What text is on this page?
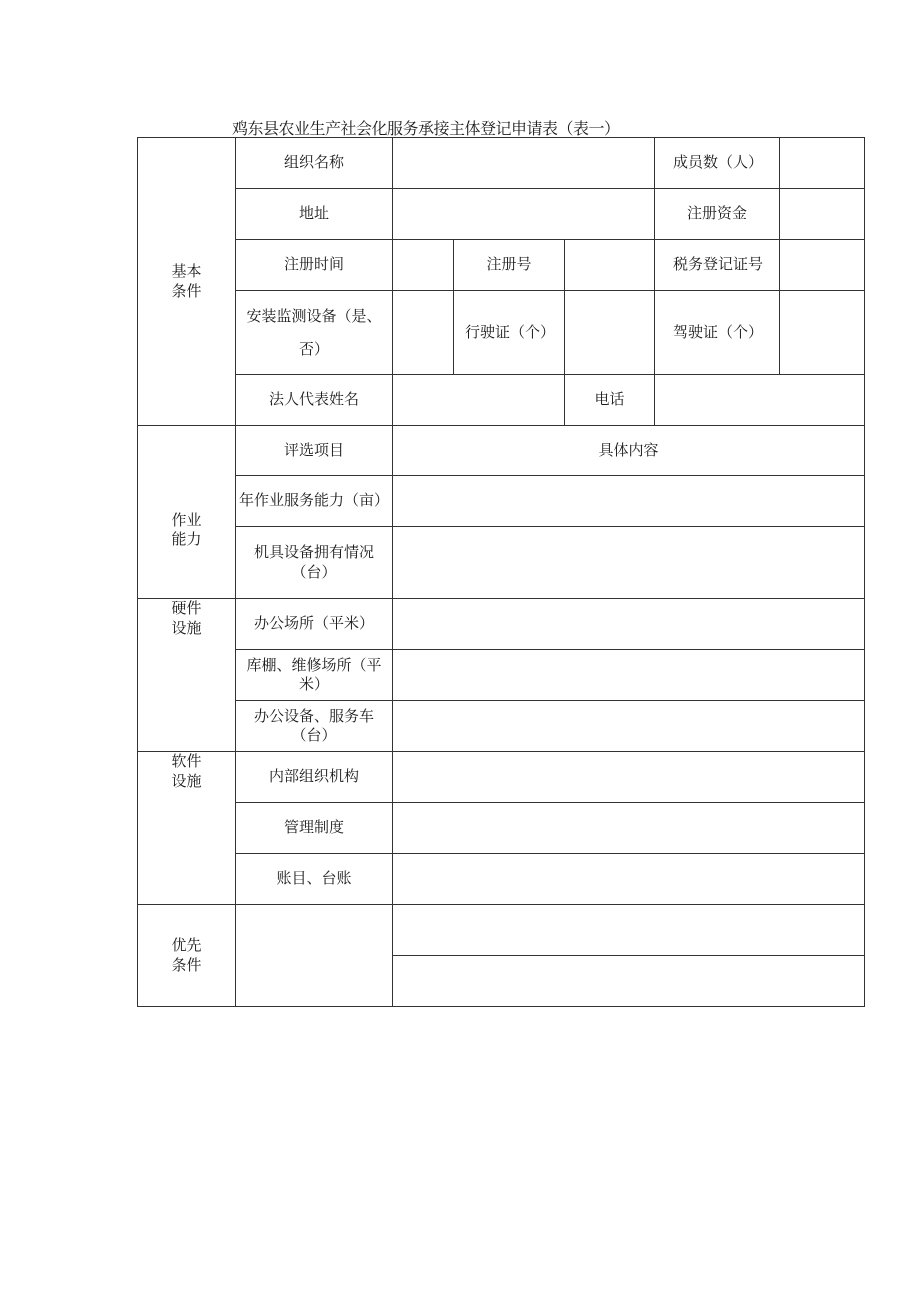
鸡东县农业生产社会化服务承接主体登记申请表（表一）
基本
条件	组织名称				成员数（人）	
	地址				注册资金	
	注册时间		注册号		税务登记证号	
	安装监测设备（是、否）		行驶证（个）		驾驶证（个）	
	法人代表姓名			电话		
作业
能力	评选项目	具体内容				
	年作业服务能力（亩）					
	机具设备拥有情况（台）					
硬件
设施	办公场所（平米）					
	库棚、维修场所（平米）					
	办公设备、服务车（台）					
软件
设施	内部组织机构					
	管理制度					
	账目、台账					
优先
条件						
